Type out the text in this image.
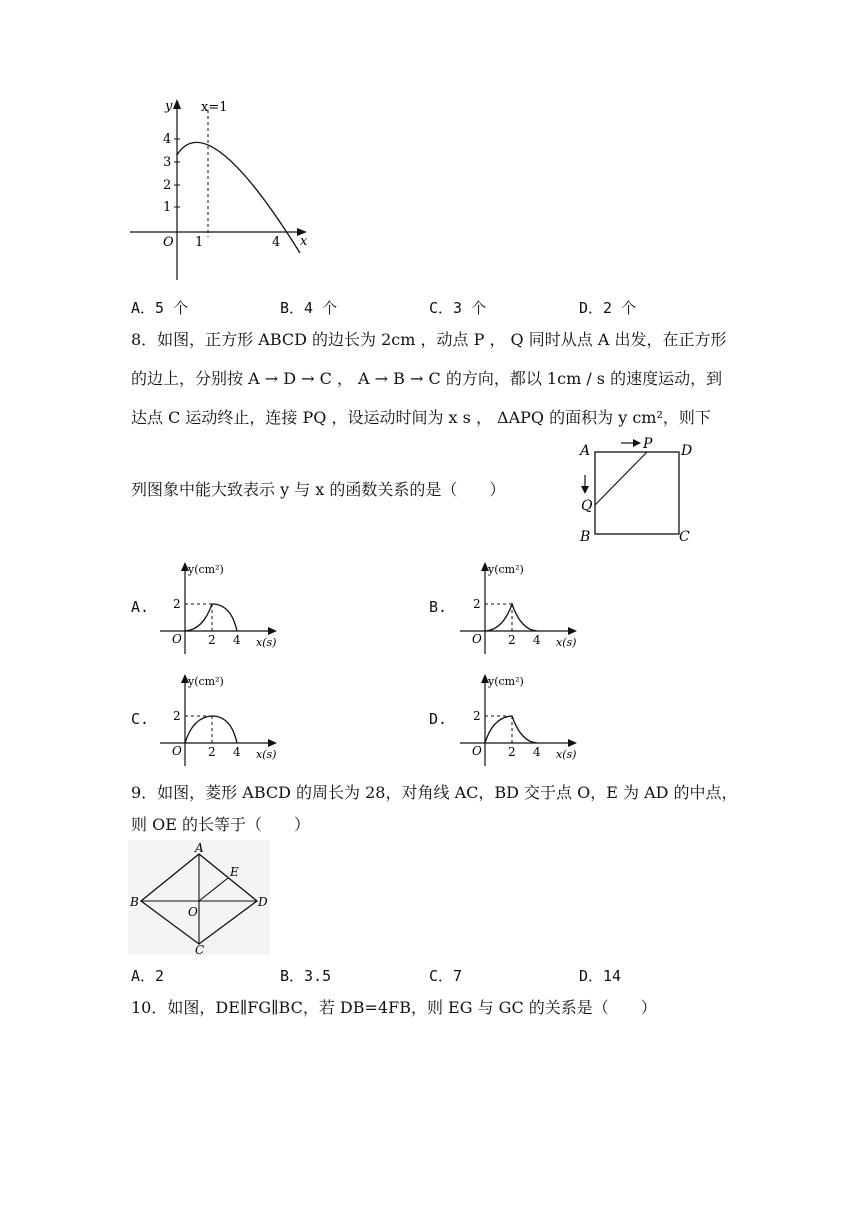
y x=1
4
3
2
1
O 1	4 x
A．5 个	B．4 个	C．3 个	D．2 个
8．如图，正方形 ABCD 的边长为 2cm ，动点 P ， Q 同时从点 A 出发，在正方形
的边上，分别按 A → D → C ， A → B → C 的方向，都以 1cm / s 的速度运动，到
达点 C 运动终止，连接 PQ ，设运动时间为 x s ， ΔAPQ 的面积为 y cm²，则下
列图象中能大致表示 y 与 x 的函数关系的是（　　）
A	P D
Q
B	C
A.	B.
C.	D.
y(cm²)
2
O 2 4 x(s)
y(cm²)
2
O 2 4 x(s)
y(cm²)
2
O 2 4 x(s)
y(cm²)
2
O 2 4 x(s)
9．如图，菱形 ABCD 的周长为 28，对角线 AC，BD 交于点 O，E 为 AD 的中点，
则 OE 的长等于（　　）
A
B
C
D
E
O
A．2	B．3.5	C．7	D．14
10．如图，DE∥FG∥BC，若 DB=4FB，则 EG 与 GC 的关系是（　　）
